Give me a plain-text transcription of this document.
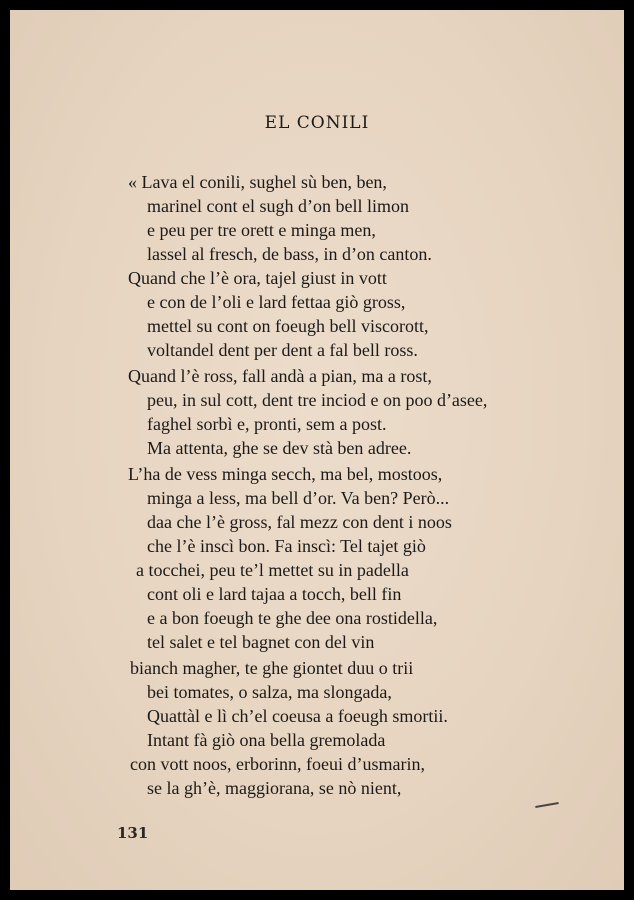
EL CONILI
« Lava el conili, sughel sù ben, ben,
marinel cont el sugh d’on bell limon
e peu per tre orett e minga men,
lassel al fresch, de bass, in d’on canton.
Quand che l’è ora, tajel giust in vott
e con de l’oli e lard fettaa giò gross,
mettel su cont on foeugh bell viscorott,
voltandel dent per dent a fal bell ross.
Quand l’è ross, fall andà a pian, ma a rost,
peu, in sul cott, dent tre inciod e on poo d’asee,
faghel sorbì e, pronti, sem a post.
Ma attenta, ghe se dev stà ben adree.
L’ha de vess minga secch, ma bel, mostoos,
minga a less, ma bell d’or. Va ben? Però...
daa che l’è gross, fal mezz con dent i noos
che l’è inscì bon. Fa inscì: Tel tajet giò
a tocchei, peu te’l mettet su in padella
cont oli e lard tajaa a tocch, bell fin
e a bon foeugh te ghe dee ona rostidella,
tel salet e tel bagnet con del vin
bianch magher, te ghe giontet duu o trii
bei tomates, o salza, ma slongada,
Quattàl e lì ch’el coeusa a foeugh smortii.
Intant fà giò ona bella gremolada
con vott noos, erborinn, foeui d’usmarin,
se la gh’è, maggiorana, se nò nient,
131
